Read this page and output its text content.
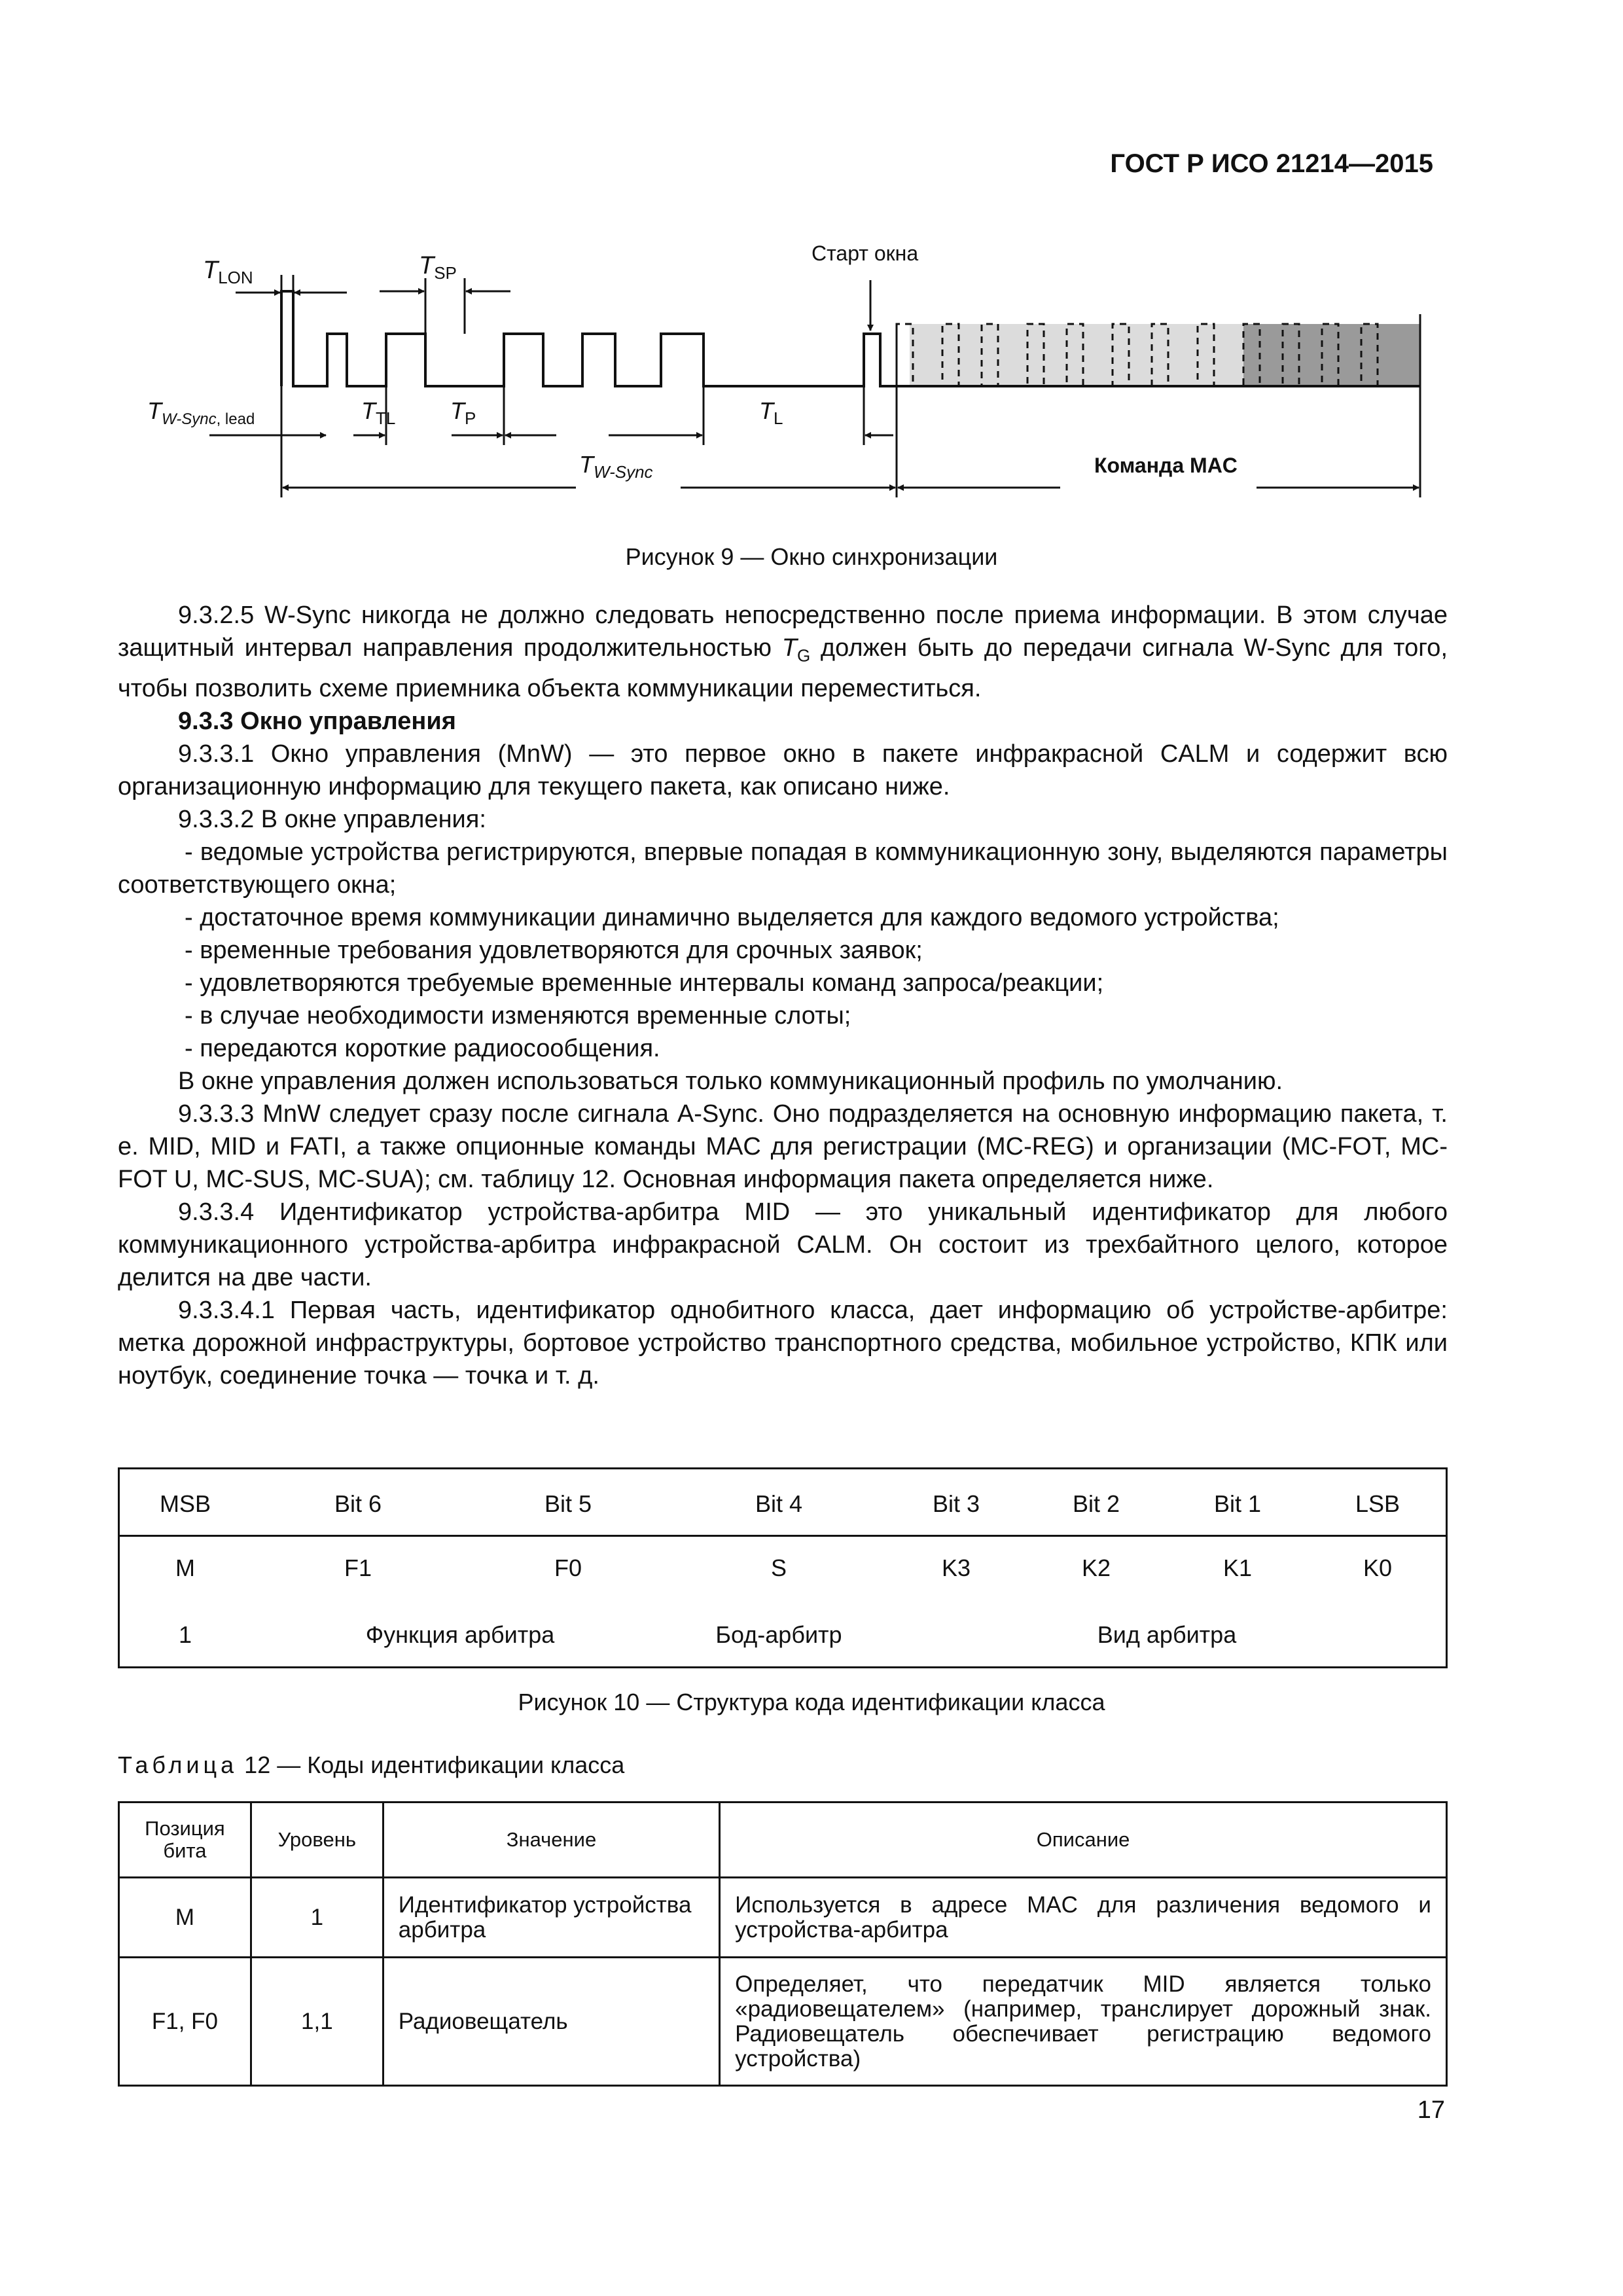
ГОСТ Р ИСО 21214—2015
$T_{LON}$	$T_{SP}$
Старт окна
$T_{W-Sync}$, lead	$T_{TL}$ $T_P$	$T_L$
$T_{W-Sync}$	Команда MAC
Рисунок 9 — Окно синхронизации

9.3.2.5 W-Sync никогда не должно следовать непосредственно после приема информации. В этом случае защитный интервал направления продолжительностью $T_G$ должен быть до передачи сигнала W-Sync для того, чтобы позволить схеме приемника объекта коммуникации переместиться.

9.3.3 Окно управления

9.3.3.1 Окно управления (MnW) — это первое окно в пакете инфракрасной CALM и содержит всю организационную информацию для текущего пакета, как описано ниже.

9.3.3.2 В окне управления:

- ведомые устройства регистрируются, впервые попадая в коммуникационную зону, выделяются параметры соответствующего окна;

- достаточное время коммуникации динамично выделяется для каждого ведомого устройства;

- временные требования удовлетворяются для срочных заявок;

- удовлетворяются требуемые временные интервалы команд запроса/реакции;

- в случае необходимости изменяются временные слоты;

- передаются короткие радиосообщения.

В окне управления должен использоваться только коммуникационный профиль по умолчанию.

9.3.3.3 MnW следует сразу после сигнала A-Sync. Оно подразделяется на основную информацию пакета, т. е. MID, MID и FATI, а также опционные команды MAC для регистрации (MC-REG) и организации (MC-FOT, MC-FOT U, MC-SUS, MC-SUA); см. таблицу 12. Основная информация пакета определяется ниже.

9.3.3.4 Идентификатор устройства-арбитра MID — это уникальный идентификатор для любого коммуникационного устройства-арбитра инфракрасной CALM. Он состоит из трехбайтного целого, которое делится на две части.

9.3.3.4.1 Первая часть, идентификатор однобитного класса, дает информацию об устройстве-арбитре: метка дорожной инфраструктуры, бортовое устройство транспортного средства, мобильное устройство, КПК или ноутбук, соединение точка — точка и т. д.

MSB	Bit 6	Bit 5	Bit 4	Bit 3	Bit 2	Bit 1	LSB
M	F1	F0	S	K3	K2	K1	K0
1	Функция арбитра	Бод-арбитр	Вид арбитра
Рисунок 10 — Структура кода идентификации класса
Таблица 12 — Коды идентификации класса
Позиция бита	Уровень	Значение	Описание
M	1	Идентификатор устройства арбитра	Используется в адресе MAC для различения ведомого и устройства-арбитра
F1, F0	1,1	Радиовещатель	Определяет, что передатчик MID является только «радиовещателем» (например, транслирует дорожный знак. Радиовещатель обеспечивает регистрацию ведомого устройства)
17
